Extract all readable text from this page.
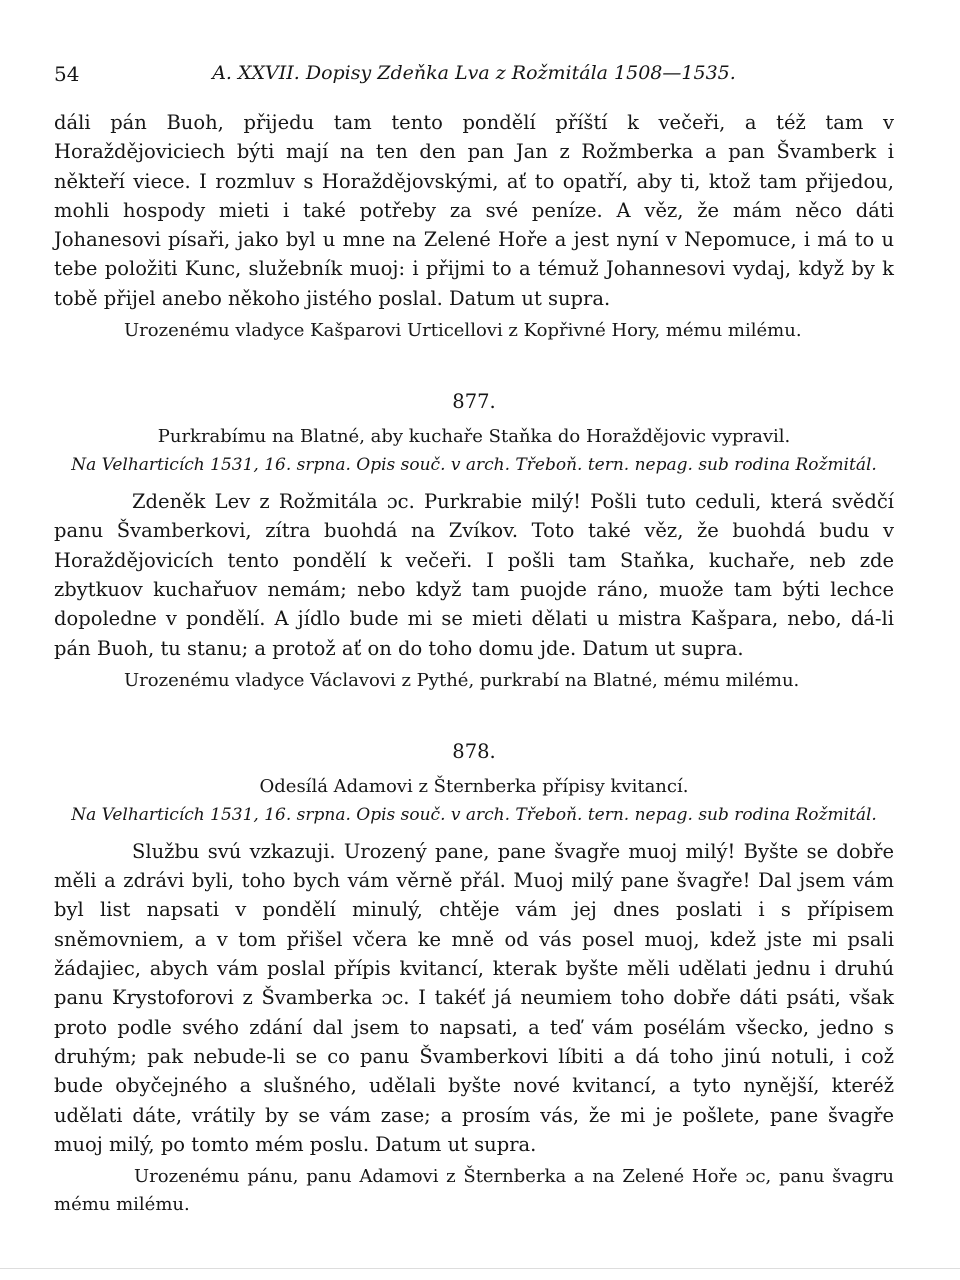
54	A. XXVII. Dopisy Zdeňka Lva z Rožmitála 1508—1535.

dáli pán Buoh, přijedu tam tento pondělí příští k večeři, a též tam v Horaždějoviciech býti mají na ten den pan Jan z Rožmberka a pan Švamberk i někteří viece. I rozmluv s Horaždějovskými, ať to opatří, aby ti, ktož tam přijedou, mohli hospody mieti i také potřeby za své peníze. A věz, že mám něco dáti Johanesovi písaři, jako byl u mne na Zelené Hoře a jest nyní v Nepomuce, i má to u tebe položiti Kunc, služebník muoj: i přijmi to a témuž Johannesovi vydaj, když by k tobě přijel anebo někoho jistého poslal. Datum ut supra.

Urozenému vladyce Kašparovi Urticellovi z Kopřivné Hory, mému milému.

877.
Purkrabímu na Blatné, aby kuchaře Staňka do Horaždějovic vypravil.
Na Velharticích 1531, 16. srpna. Opis souč. v arch. Třeboň. tern. nepag. sub rodina Rožmitál.

Zdeněk Lev z Rožmitála ɔc. Purkrabie milý! Pošli tuto ceduli, která svědčí panu Švamberkovi, zítra buohdá na Zvíkov. Toto také věz, že buohdá budu v Horaždějovicích tento pondělí k večeři. I pošli tam Staňka, kuchaře, neb zde zbytkuov kuchařuov nemám; nebo když tam puojde ráno, muože tam býti lechce dopoledne v pondělí. A jídlo bude mi se mieti dělati u mistra Kašpara, nebo, dá-li pán Buoh, tu stanu; a protož ať on do toho domu jde. Datum ut supra.

Urozenému vladyce Václavovi z Pythé, purkrabí na Blatné, mému milému.

878.
Odesílá Adamovi z Šternberka přípisy kvitancí.
Na Velharticích 1531, 16. srpna. Opis souč. v arch. Třeboň. tern. nepag. sub rodina Rožmitál.

Službu svú vzkazuji. Urozený pane, pane švagře muoj milý! Byšte se dobře měli a zdrávi byli, toho bych vám věrně přál. Muoj milý pane švagře! Dal jsem vám byl list napsati v pondělí minulý, chtěje vám jej dnes poslati i s přípisem sněmovniem, a v tom přišel včera ke mně od vás posel muoj, kdež jste mi psali žádajiec, abych vám poslal přípis kvitancí, kterak byšte měli udělati jednu i druhú panu Krystoforovi z Švamberka ɔc. I takéť já neumiem toho dobře dáti psáti, však proto podle svého zdání dal jsem to napsati, a teď vám posélám všecko, jedno s druhým; pak nebude-li se co panu Švamberkovi líbiti a dá toho jinú notuli, i což bude obyčejného a slušného, udělali byšte nové kvitancí, a tyto nynější, kteréž udělati dáte, vrátily by se vám zase; a prosím vás, že mi je pošlete, pane švagře muoj milý, po tomto mém poslu. Datum ut supra.

Urozenému pánu, panu Adamovi z Šternberka a na Zelené Hoře ɔc, panu švagru mému milému.
